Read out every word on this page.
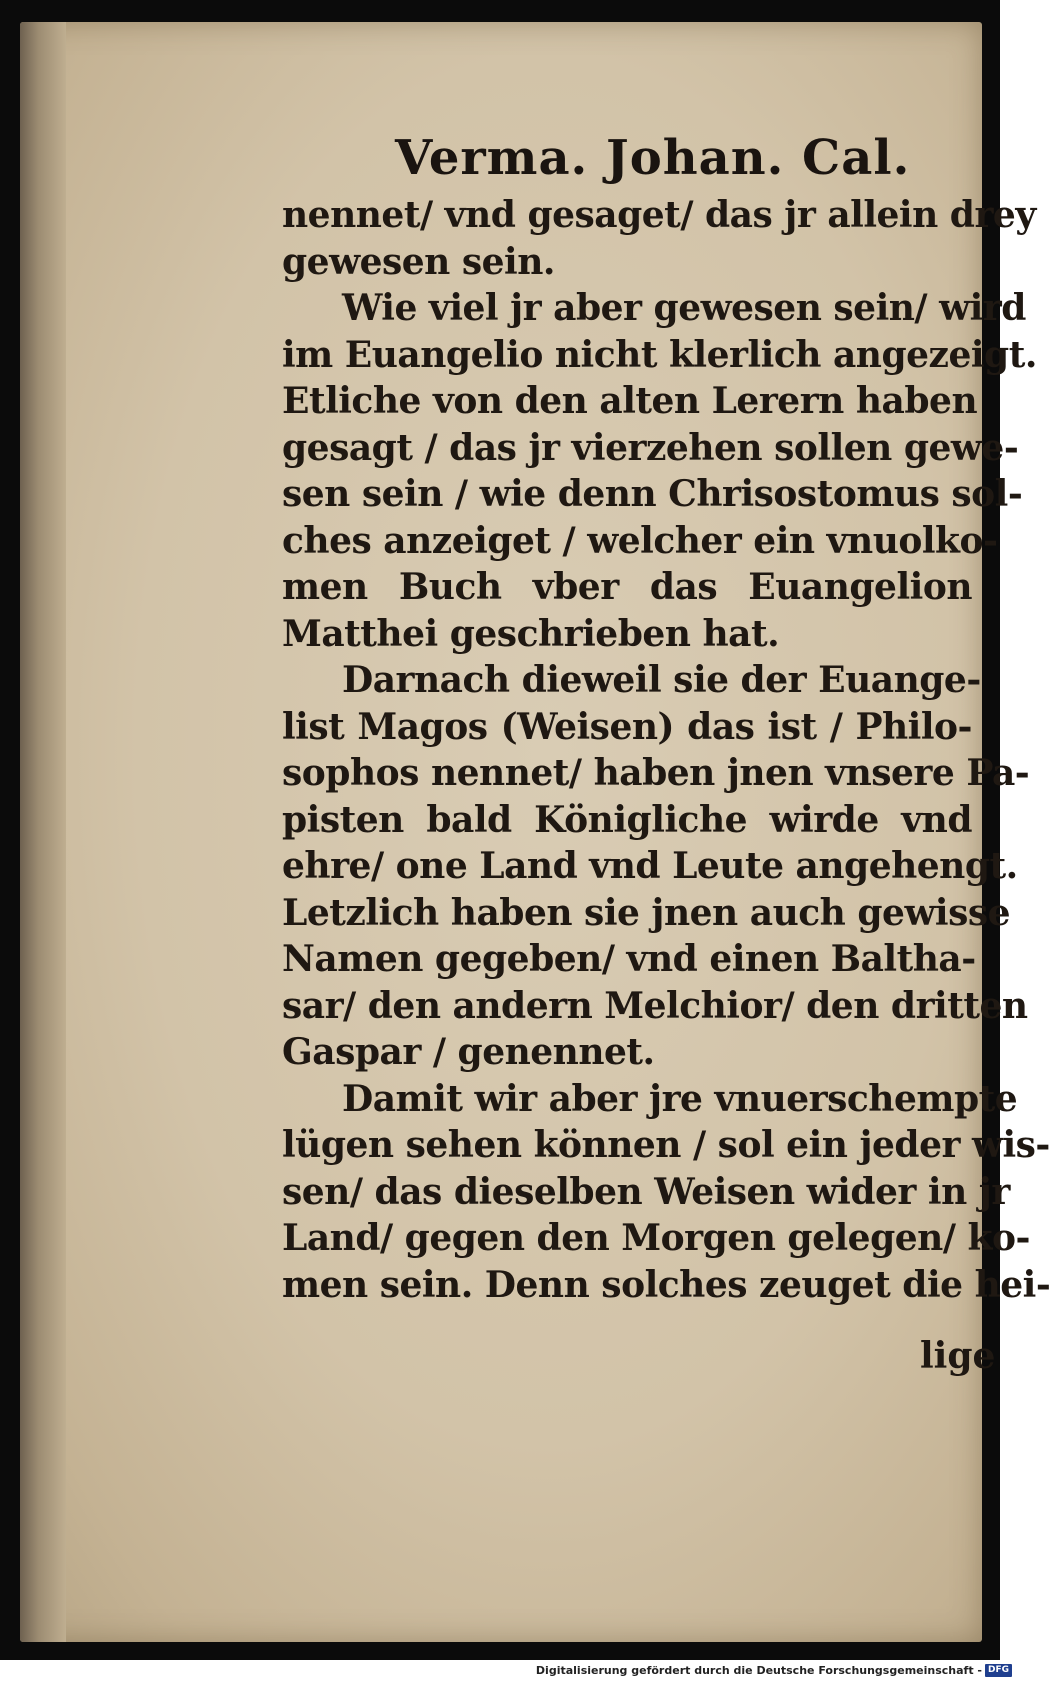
Verma. Johan. Cal.
nennet/ vnd gesaget/ das jr allein drey
gewesen sein.
Wie viel jr aber gewesen sein/ wird
im Euangelio nicht klerlich angezeigt.
Etliche von den alten Lerern haben
gesagt / das jr vierzehen sollen gewe-
sen sein / wie denn Chrisostomus sol-
ches anzeiget / welcher ein vnuolko-
men Buch vber das Euangelion
Matthei geschrieben hat.
Darnach dieweil sie der Euange-
list Magos (Weisen) das ist / Philo-
sophos nennet/ haben jnen vnsere Pa-
pisten bald Königliche wirde vnd
ehre/ one Land vnd Leute angehengt.
Letzlich haben sie jnen auch gewisse
Namen gegeben/ vnd einen Baltha-
sar/ den andern Melchior/ den dritten
Gaspar / genennet.
Damit wir aber jre vnuerschempte
lügen sehen können / sol ein jeder wis-
sen/ das dieselben Weisen wider in jr
Land/ gegen den Morgen gelegen/ ko-
men sein. Denn solches zeuget die hei-
lige
Digitalisierung gefördert durch die Deutsche Forschungsgemeinschaft - DFG
